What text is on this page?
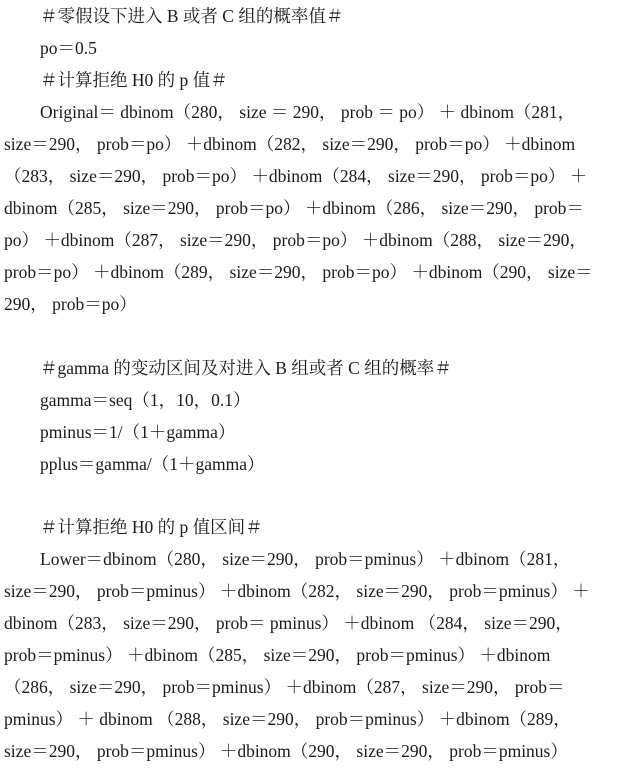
＃零假设下进入 B 或者 C 组的概率值＃
po＝0.5
＃计算拒绝 H0 的 p 值＃
Original＝ dbinom（280， size ＝ 290， prob ＝ po） ＋ dbinom（281，
size＝290， prob＝po） ＋dbinom（282， size＝290， prob＝po） ＋dbinom
（283， size＝290， prob＝po） ＋dbinom（284， size＝290， prob＝po） ＋
dbinom（285， size＝290， prob＝po） ＋dbinom（286， size＝290， prob＝
po） ＋dbinom（287， size＝290， prob＝po） ＋dbinom（288， size＝290，
prob＝po） ＋dbinom（289， size＝290， prob＝po） ＋dbinom（290， size＝
290， prob＝po）
＃gamma 的变动区间及对进入 B 组或者 C 组的概率＃
gamma＝seq（1，10，0.1）
pminus＝1/（1＋gamma）
pplus＝gamma/（1＋gamma）
＃计算拒绝 H0 的 p 值区间＃
Lower＝dbinom（280， size＝290， prob＝pminus） ＋dbinom（281，
size＝290， prob＝pminus） ＋dbinom（282， size＝290， prob＝pminus） ＋
dbinom（283， size＝290， prob＝ pminus） ＋dbinom （284， size＝290，
prob＝pminus） ＋dbinom（285， size＝290， prob＝pminus） ＋dbinom
（286， size＝290， prob＝pminus） ＋dbinom（287， size＝290， prob＝
pminus） ＋ dbinom （288， size＝290， prob＝pminus） ＋dbinom（289，
size＝290， prob＝pminus） ＋dbinom（290， size＝290， prob＝pminus）
